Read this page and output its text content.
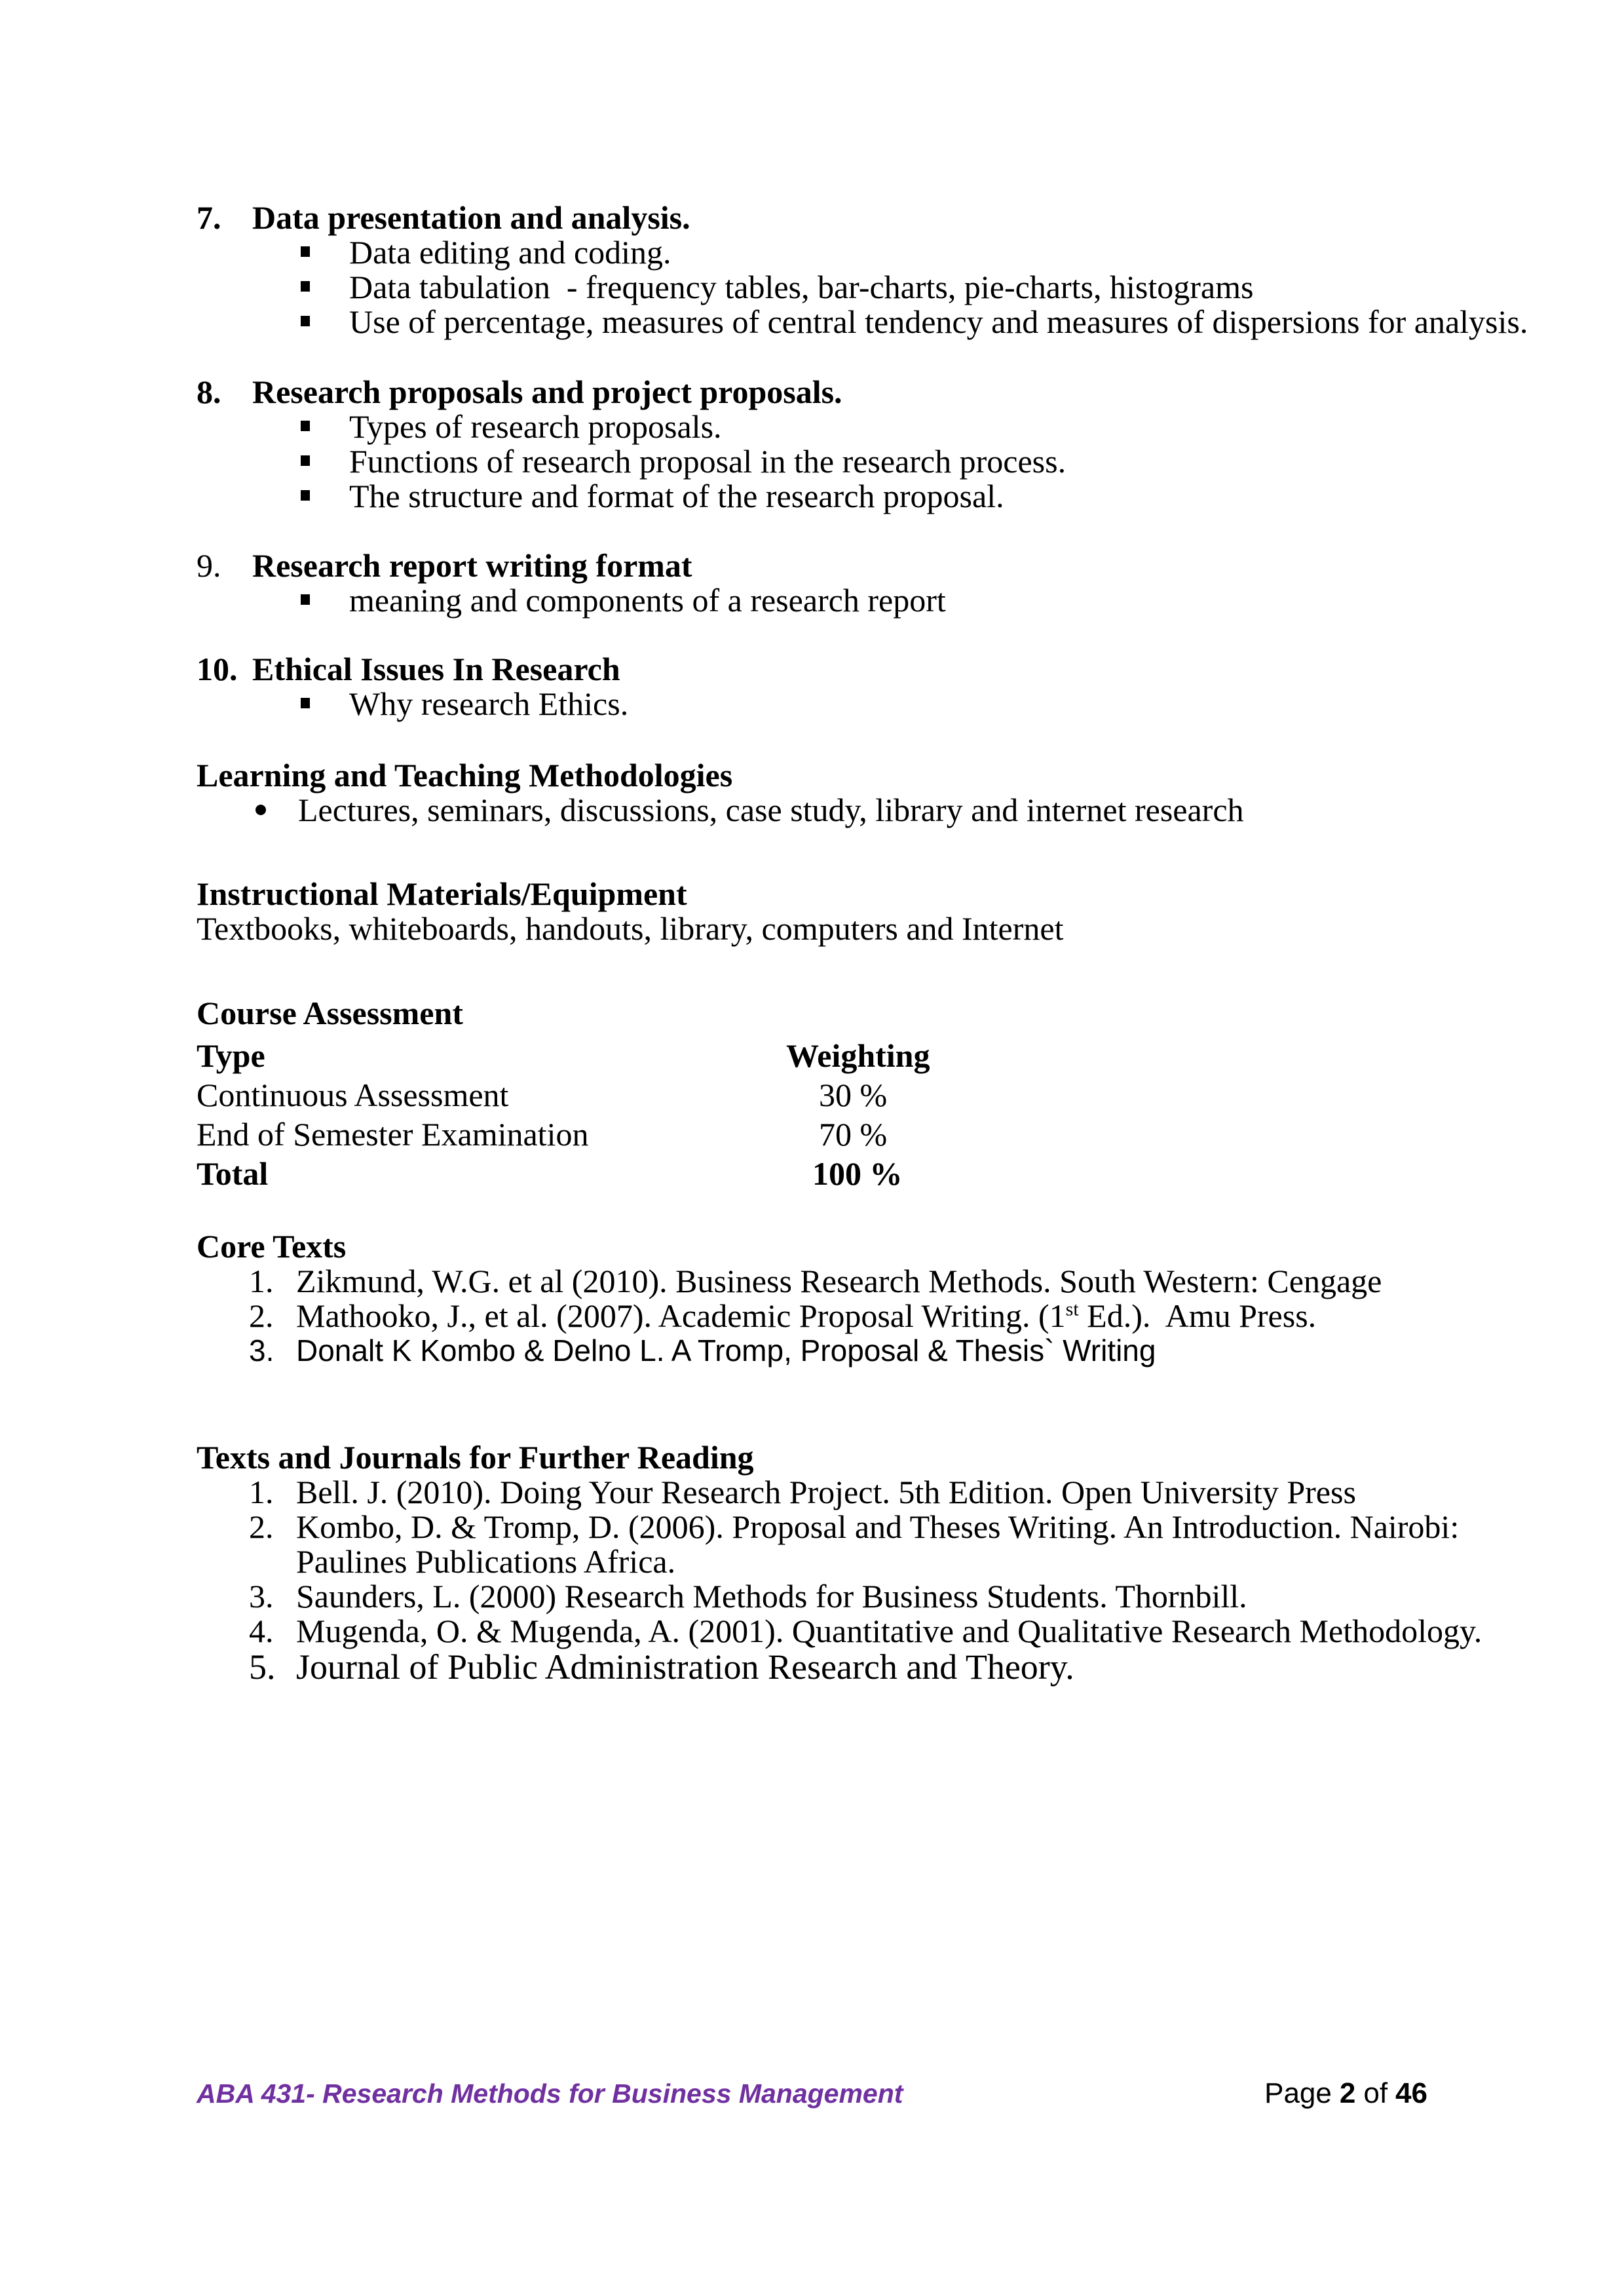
7. Data presentation and analysis.
Data editing and coding.
Data tabulation  - frequency tables, bar-charts, pie-charts, histograms
Use of percentage, measures of central tendency and measures of dispersions for analysis.
8. Research proposals and project proposals.
Types of research proposals.
Functions of research proposal in the research process.
The structure and format of the research proposal.
9. Research report writing format
meaning and components of a research report
10. Ethical Issues In Research
Why research Ethics.
Learning and Teaching Methodologies
Lectures, seminars, discussions, case study, library and internet research
Instructional Materials/Equipment
Textbooks, whiteboards, handouts, library, computers and Internet
Course Assessment
Type	Weighting
Continuous Assessment	30 %
End of Semester Examination	70 %
Total	100 %
Core Texts
1. Zikmund, W.G. et al (2010). Business Research Methods. South Western: Cengage
2. Mathooko, J., et al. (2007). Academic Proposal Writing. (1st Ed.).  Amu Press.
3. Donalt K Kombo & Delno L. A Tromp, Proposal & Thesis` Writing
Texts and Journals for Further Reading
1. Bell. J. (2010). Doing Your Research Project. 5th Edition. Open University Press
2. Kombo, D. & Tromp, D. (2006). Proposal and Theses Writing. An Introduction. Nairobi:
Paulines Publications Africa.
3. Saunders, L. (2000) Research Methods for Business Students. Thornbill.
4. Mugenda, O. & Mugenda, A. (2001). Quantitative and Qualitative Research Methodology.
5. Journal of Public Administration Research and Theory.
ABA 431- Research Methods for Business Management	Page 2 of 46
